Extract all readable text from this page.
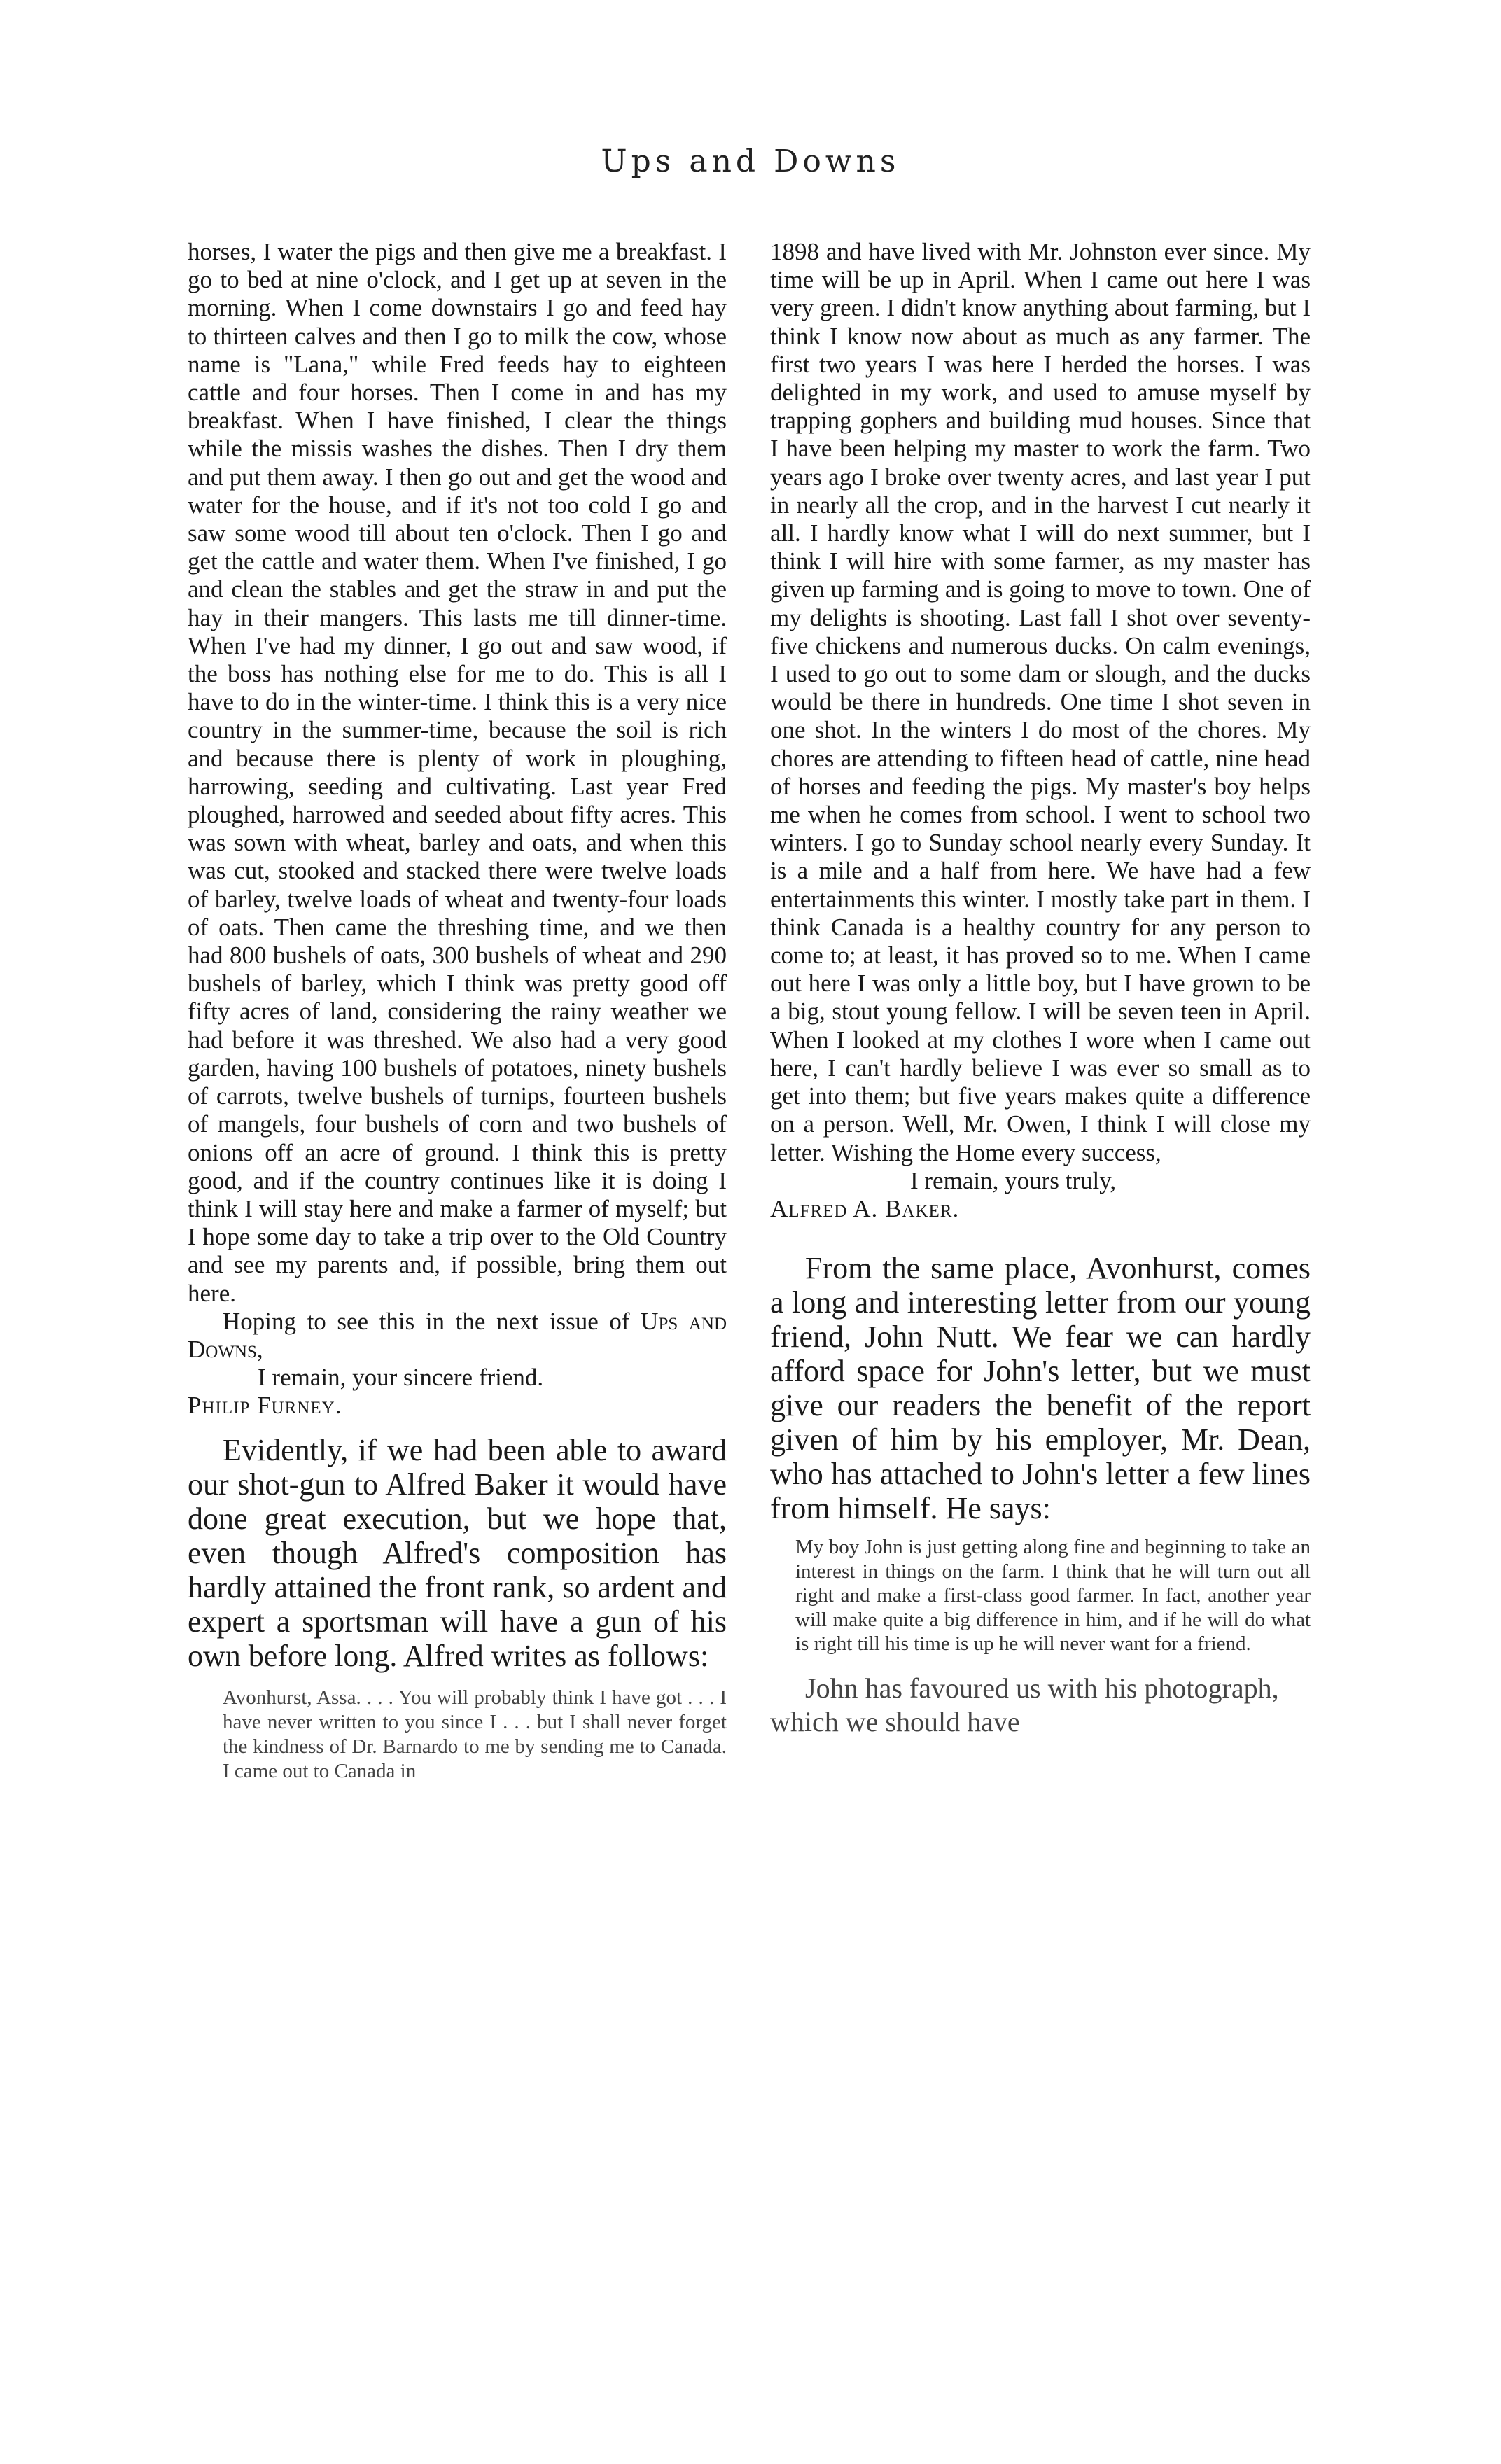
Ups and Downs

horses, I water the pigs and then give me a breakfast. I go to bed at nine o'clock, and I get up at seven in the morning. When I come downstairs I go and feed hay to thirteen calves and then I go to milk the cow, whose name is "Lana," while Fred feeds hay to eighteen cattle and four horses. Then I come in and has my breakfast. When I have finished, I clear the things while the missis washes the dishes. Then I dry them and put them away. I then go out and get the wood and water for the house, and if it's not too cold I go and saw some wood till about ten o'clock. Then I go and get the cattle and water them. When I've finished, I go and clean the stables and get the straw in and put the hay in their mangers. This lasts me till dinner-time. When I've had my dinner, I go out and saw wood, if the boss has nothing else for me to do. This is all I have to do in the winter-time. I think this is a very nice country in the summer-time, because the soil is rich and because there is plenty of work in ploughing, harrowing, seeding and cultivating. Last year Fred ploughed, harrowed and seeded about fifty acres. This was sown with wheat, barley and oats, and when this was cut, stooked and stacked there were twelve loads of barley, twelve loads of wheat and twenty-four loads of oats. Then came the threshing time, and we then had 800 bushels of oats, 300 bushels of wheat and 290 bushels of barley, which I think was pretty good off fifty acres of land, considering the rainy weather we had before it was threshed. We also had a very good garden, having 100 bushels of potatoes, ninety bushels of carrots, twelve bushels of turnips, fourteen bushels of mangels, four bushels of corn and two bushels of onions off an acre of ground. I think this is pretty good, and if the country continues like it is doing I think I will stay here and make a farmer of myself; but I hope some day to take a trip over to the Old Country and see my parents and, if possible, bring them out here.

Hoping to see this in the next issue of Ups and Downs,

I remain, your sincere friend.

Philip Furney.

Evidently, if we had been able to award our shot-gun to Alfred Baker it would have done great execution, but we hope that, even though Alfred's composition has hardly attained the front rank, so ardent and expert a sportsman will have a gun of his own before long. Alfred writes as follows:

Avonhurst, Assa. . . . You will probably think I have got . . . I have never written to you since I . . . but I shall never forget the kindness of Dr. Barnardo to me by sending me to Canada. I came out to Canada in

1898 and have lived with Mr. Johnston ever since. My time will be up in April. When I came out here I was very green. I didn't know anything about farming, but I think I know now about as much as any farmer. The first two years I was here I herded the horses. I was delighted in my work, and used to amuse myself by trapping gophers and building mud houses. Since that I have been helping my master to work the farm. Two years ago I broke over twenty acres, and last year I put in nearly all the crop, and in the harvest I cut nearly it all. I hardly know what I will do next summer, but I think I will hire with some farmer, as my master has given up farming and is going to move to town. One of my delights is shooting. Last fall I shot over seventy-five chickens and numerous ducks. On calm evenings, I used to go out to some dam or slough, and the ducks would be there in hundreds. One time I shot seven in one shot. In the winters I do most of the chores. My chores are attending to fifteen head of cattle, nine head of horses and feeding the pigs. My master's boy helps me when he comes from school. I went to school two winters. I go to Sunday school nearly every Sunday. It is a mile and a half from here. We have had a few entertainments this winter. I mostly take part in them. I think Canada is a healthy country for any person to come to; at least, it has proved so to me. When I came out here I was only a little boy, but I have grown to be a big, stout young fellow. I will be seven teen in April. When I looked at my clothes I wore when I came out here, I can't hardly believe I was ever so small as to get into them; but five years makes quite a difference on a person. Well, Mr. Owen, I think I will close my letter. Wishing the Home every success,

I remain, yours truly,

Alfred A. Baker.

From the same place, Avonhurst, comes a long and interesting letter from our young friend, John Nutt. We fear we can hardly afford space for John's letter, but we must give our readers the benefit of the report given of him by his employer, Mr. Dean, who has attached to John's letter a few lines from himself. He says:

My boy John is just getting along fine and beginning to take an interest in things on the farm. I think that he will turn out all right and make a first-class good farmer. In fact, another year will make quite a big difference in him, and if he will do what is right till his time is up he will never want for a friend.

John has favoured us with his photograph, which we should have
